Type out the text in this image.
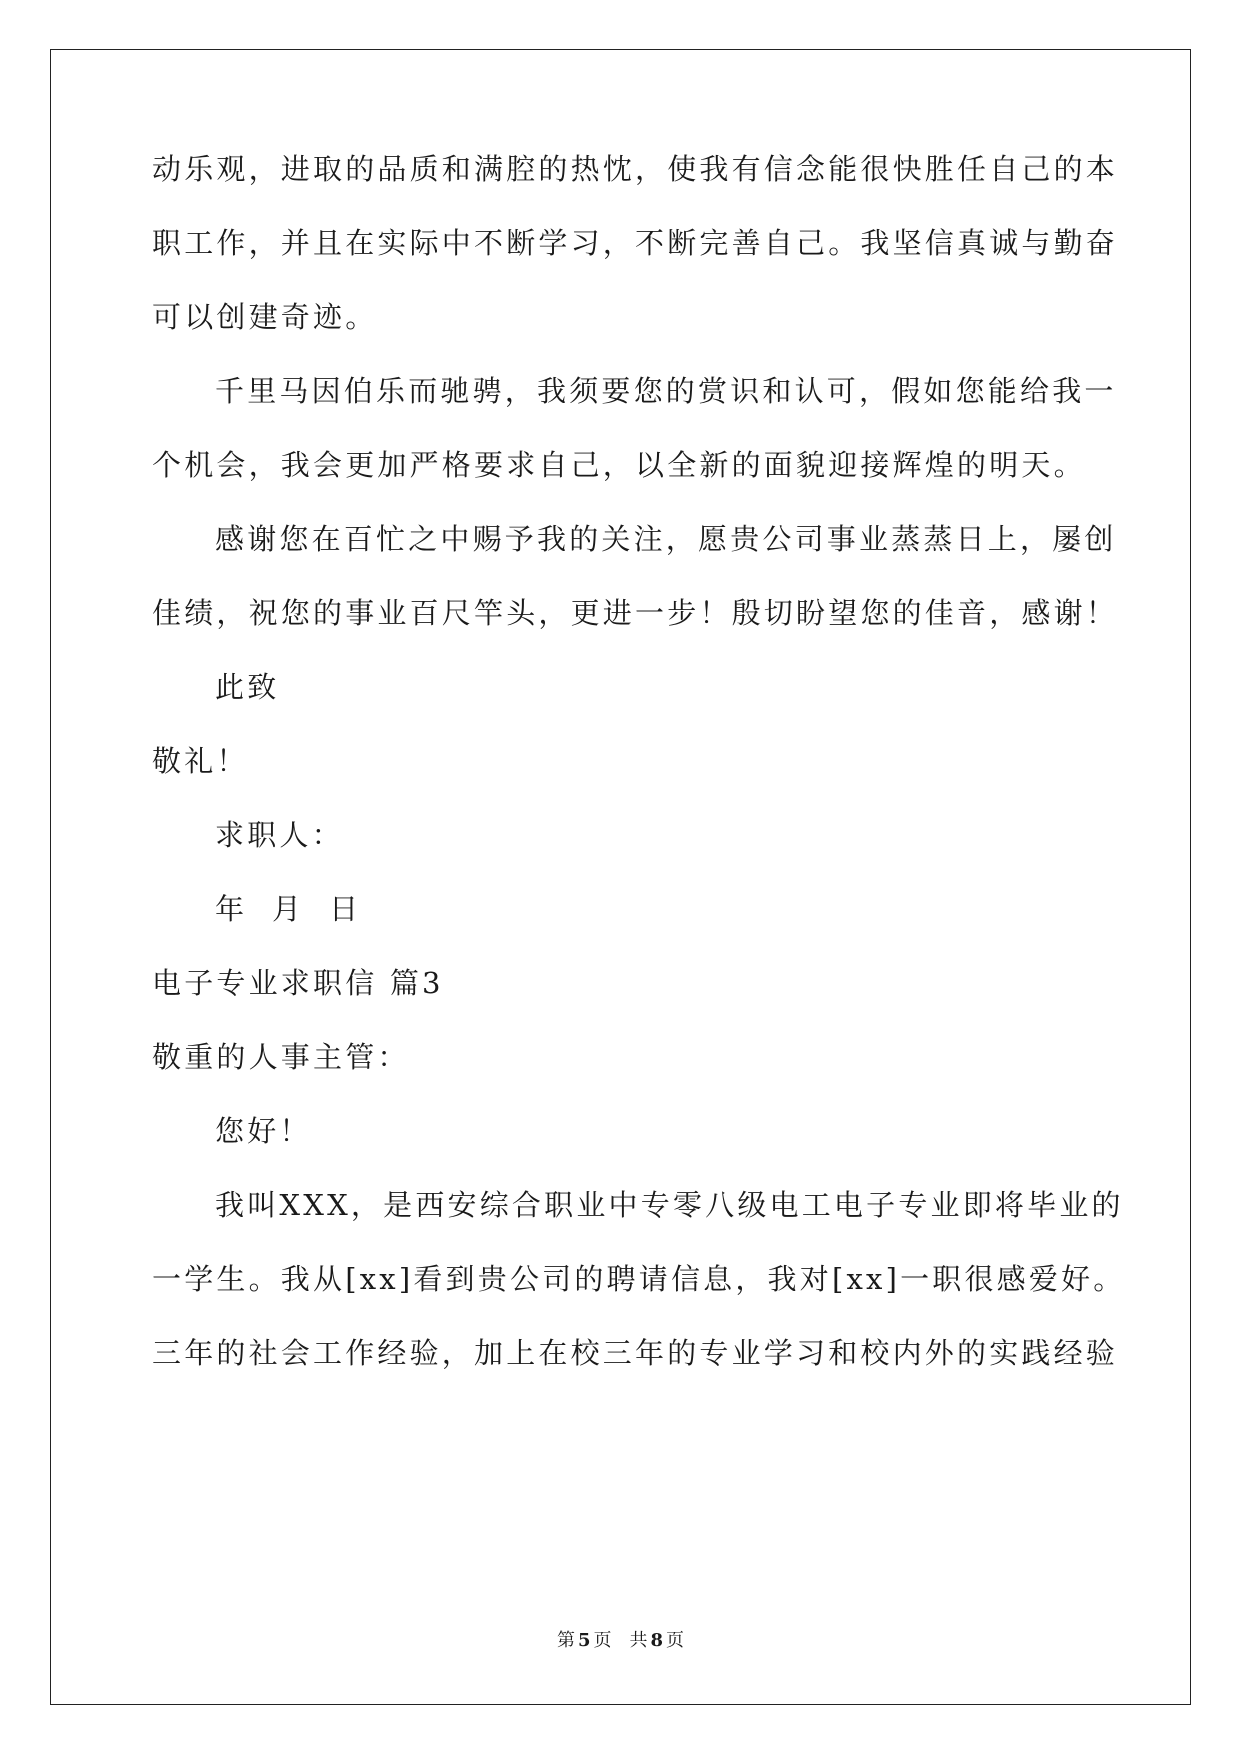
动乐观，进取的品质和满腔的热忱，使我有信念能很快胜任自己的本
职工作，并且在实际中不断学习，不断完善自己。我坚信真诚与勤奋
可以创建奇迹。
千里马因伯乐而驰骋，我须要您的赏识和认可，假如您能给我一
个机会，我会更加严格要求自己，以全新的面貌迎接辉煌的明天。
感谢您在百忙之中赐予我的关注，愿贵公司事业蒸蒸日上，屡创
佳绩，祝您的事业百尺竿头，更进一步！殷切盼望您的佳音，感谢！
此致
敬礼！
求职人：
年  月  日
电子专业求职信 篇3
敬重的人事主管：
您好！
我叫XXX，是西安综合职业中专零八级电工电子专业即将毕业的
一学生。我从[xx]看到贵公司的聘请信息，我对[xx]一职很感爱好。
三年的社会工作经验，加上在校三年的专业学习和校内外的实践经验
第 5 页 共 8 页
